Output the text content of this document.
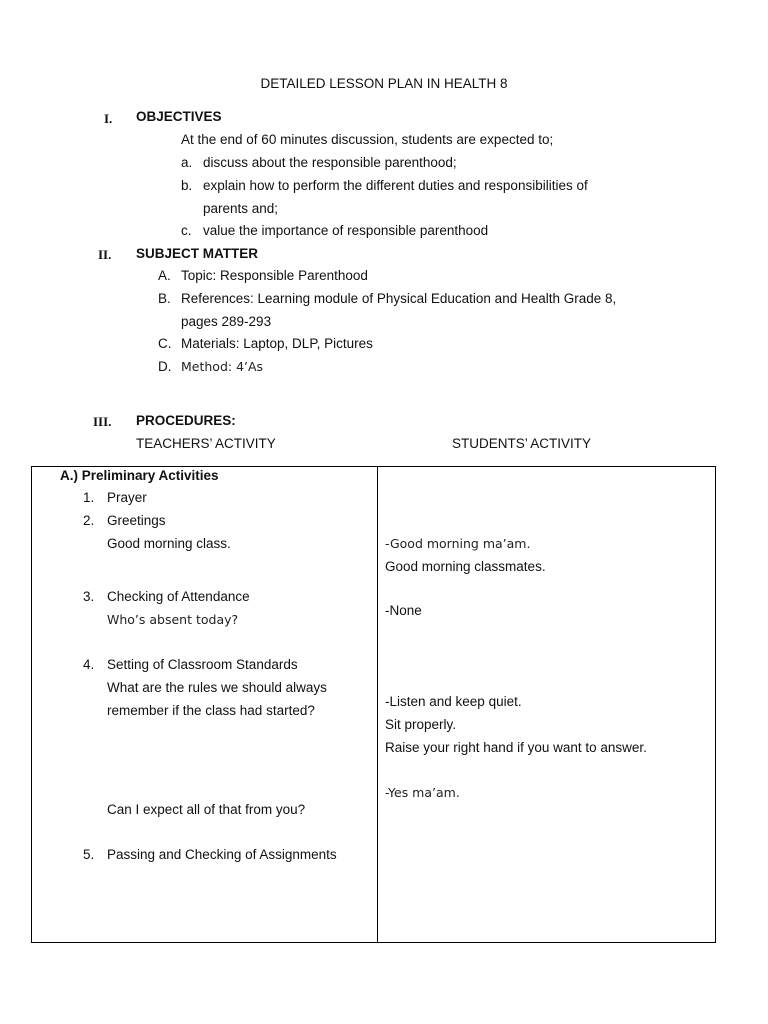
DETAILED LESSON PLAN IN HEALTH 8
I. OBJECTIVES
At the end of 60 minutes discussion, students are expected to;
a. discuss about the responsible parenthood;
b. explain how to perform the different duties and responsibilities of
parents and;
c. value the importance of responsible parenthood
II. SUBJECT MATTER
A. Topic: Responsible Parenthood
B. References: Learning module of Physical Education and Health Grade 8,
pages 289-293
C. Materials: Laptop, DLP, Pictures
D. Method: 4’As
III. PROCEDURES:
TEACHERS’ ACTIVITY	STUDENTS’ ACTIVITY
A.) Preliminary Activities
1. Prayer
2. Greetings
Good morning class.
3. Checking of Attendance
Who’s absent today?
4. Setting of Classroom Standards
What are the rules we should always
remember if the class had started?
Can I expect all of that from you?
5. Passing and Checking of Assignments
-Good morning ma’am.
Good morning classmates.
-None
-Listen and keep quiet.
Sit properly.
Raise your right hand if you want to answer.
-Yes ma’am.
